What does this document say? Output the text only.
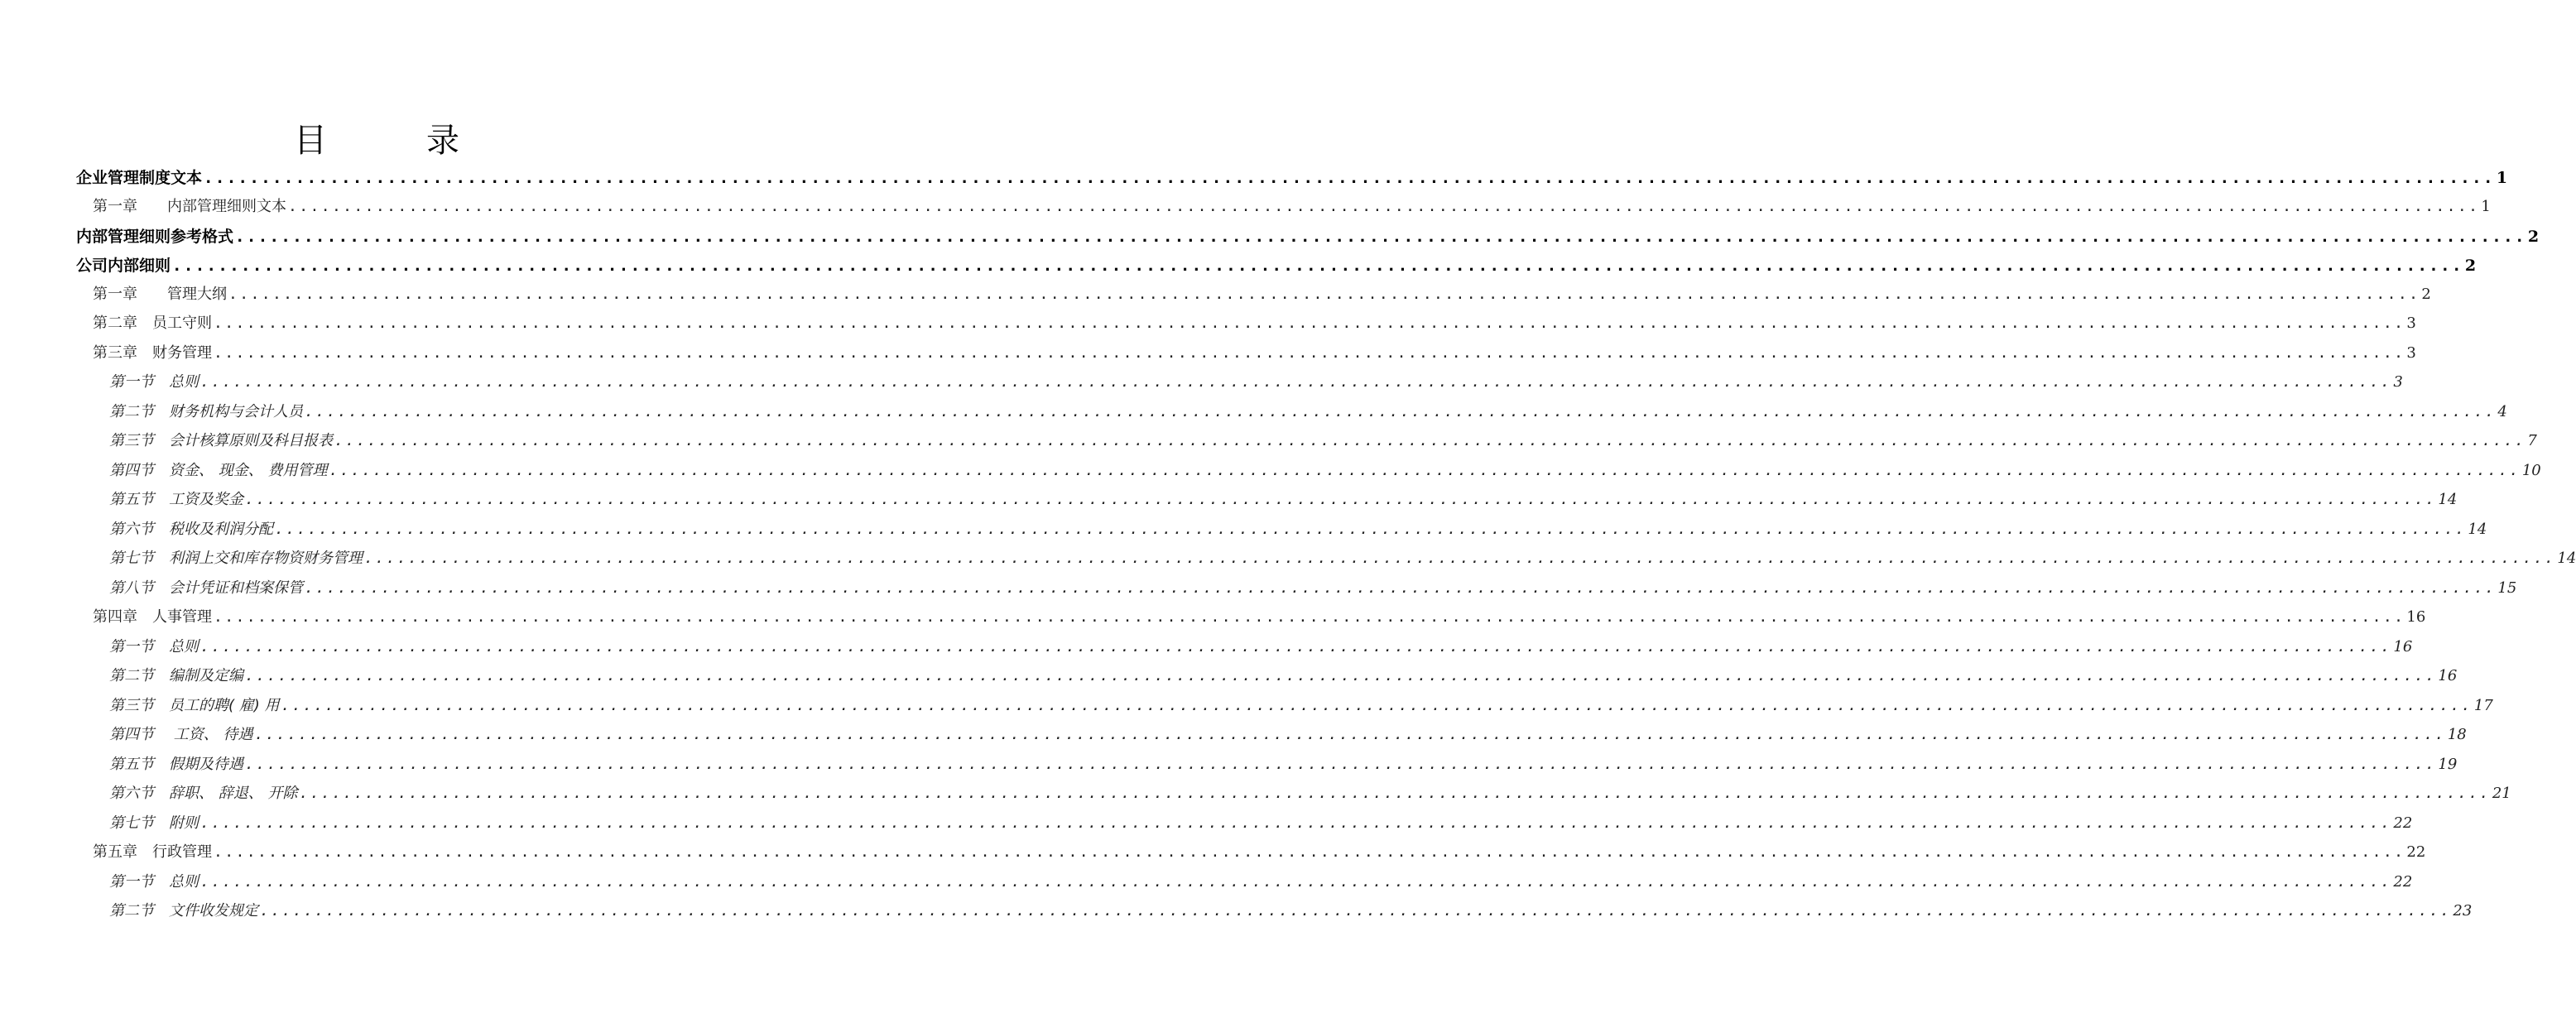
目　录
企业管理制度文本 ........................................................................................................................................................................................................ 1
第一章　　内部管理细则文本 ........................................................................................................................................................................................................ 1
内部管理细则参考格式 ........................................................................................................................................................................................................ 2
公司内部细则 ........................................................................................................................................................................................................ 2
第一章　　管理大纲 ........................................................................................................................................................................................................ 2
第二章　员工守则 ........................................................................................................................................................................................................ 3
第三章　财务管理 ........................................................................................................................................................................................................ 3
第一节　总则 ........................................................................................................................................................................................................ 3
第二节　财务机构与会计人员 ........................................................................................................................................................................................................ 4
第三节　会计核算原则及科目报表 ........................................................................................................................................................................................................ 7
第四节　资金、 现金、 费用管理 ........................................................................................................................................................................................................ 10
第五节　工资及奖金 ........................................................................................................................................................................................................ 14
第六节　税收及利润分配 ........................................................................................................................................................................................................ 14
第七节　利润上交和库存物资财务管理 ........................................................................................................................................................................................................ 14
第八节　会计凭证和档案保管 ........................................................................................................................................................................................................ 15
第四章　人事管理 ........................................................................................................................................................................................................ 16
第一节　总则 ........................................................................................................................................................................................................ 16
第二节　编制及定编 ........................................................................................................................................................................................................ 16
第三节　员工的聘( 雇) 用 ........................................................................................................................................................................................................ 17
第四节　 工资、 待遇 ........................................................................................................................................................................................................ 18
第五节　假期及待遇 ........................................................................................................................................................................................................ 19
第六节　辞职、 辞退、 开除 ........................................................................................................................................................................................................ 21
第七节　附则 ........................................................................................................................................................................................................ 22
第五章　行政管理 ........................................................................................................................................................................................................ 22
第一节　总则 ........................................................................................................................................................................................................ 22
第二节　文件收发规定 ........................................................................................................................................................................................................ 23
